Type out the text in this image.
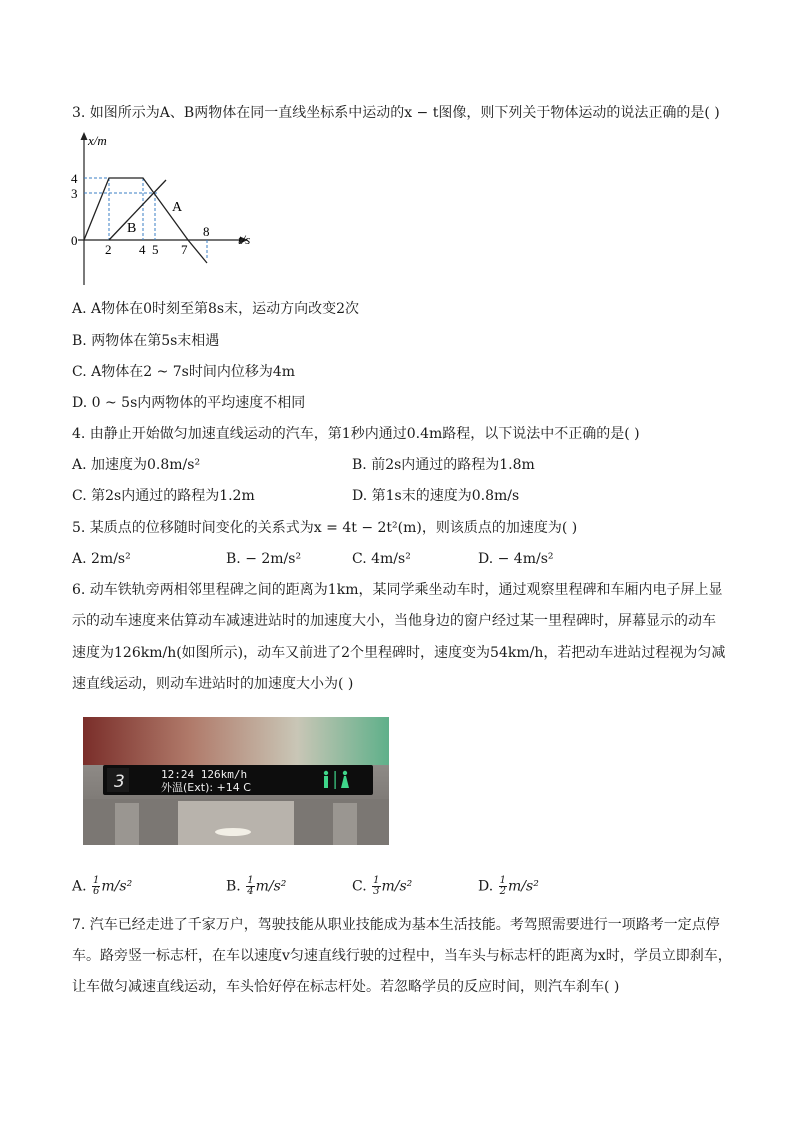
3. 如图所示为A、B两物体在同一直线坐标系中运动的x − t图像，则下列关于物体运动的说法正确的是( )
x/m
t/s
A
B
4
3
0
2 4 5 7
8
A. A物体在0时刻至第8s末，运动方向改变2次
B. 两物体在第5s末相遇
C. A物体在2 ~ 7s时间内位移为4m
D. 0 ~ 5s内两物体的平均速度不相同
4. 由静止开始做匀加速直线运动的汽车，第1秒内通过0.4m路程，以下说法中不正确的是( )
A. 加速度为0.8m/s²	B. 前2s内通过的路程为1.8m
C. 第2s内通过的路程为1.2m	D. 第1s末的速度为0.8m/s
5. 某质点的位移随时间变化的关系式为x = 4t − 2t²(m)，则该质点的加速度为( )
A. 2m/s²	B. − 2m/s²	C. 4m/s²	D. − 4m/s²
6. 动车铁轨旁两相邻里程碑之间的距离为1km，某同学乘坐动车时，通过观察里程碑和车厢内电子屏上显
示的动车速度来估算动车减速进站时的加速度大小，当他身边的窗户经过某一里程碑时，屏幕显示的动车
速度为126km/h(如图所示)，动车又前进了2个里程碑时，速度变为54km/h，若把动车进站过程视为匀减
速直线运动，则动车进站时的加速度大小为( )
3	12:24 126km/h
外温(Ext): +14 C
A. $\frac{1}{6} m/s^2$	B. $\frac{1}{4} m/s^2$	C. $\frac{1}{3} m/s^2$	D. $\frac{1}{2} m/s^2$
7. 汽车已经走进了千家万户，驾驶技能从职业技能成为基本生活技能。考驾照需要进行一项路考一定点停
车。路旁竖一标志杆，在车以速度v匀速直线行驶的过程中，当车头与标志杆的距离为x时，学员立即刹车，
让车做匀减速直线运动，车头恰好停在标志杆处。若忽略学员的反应时间，则汽车刹车( )
